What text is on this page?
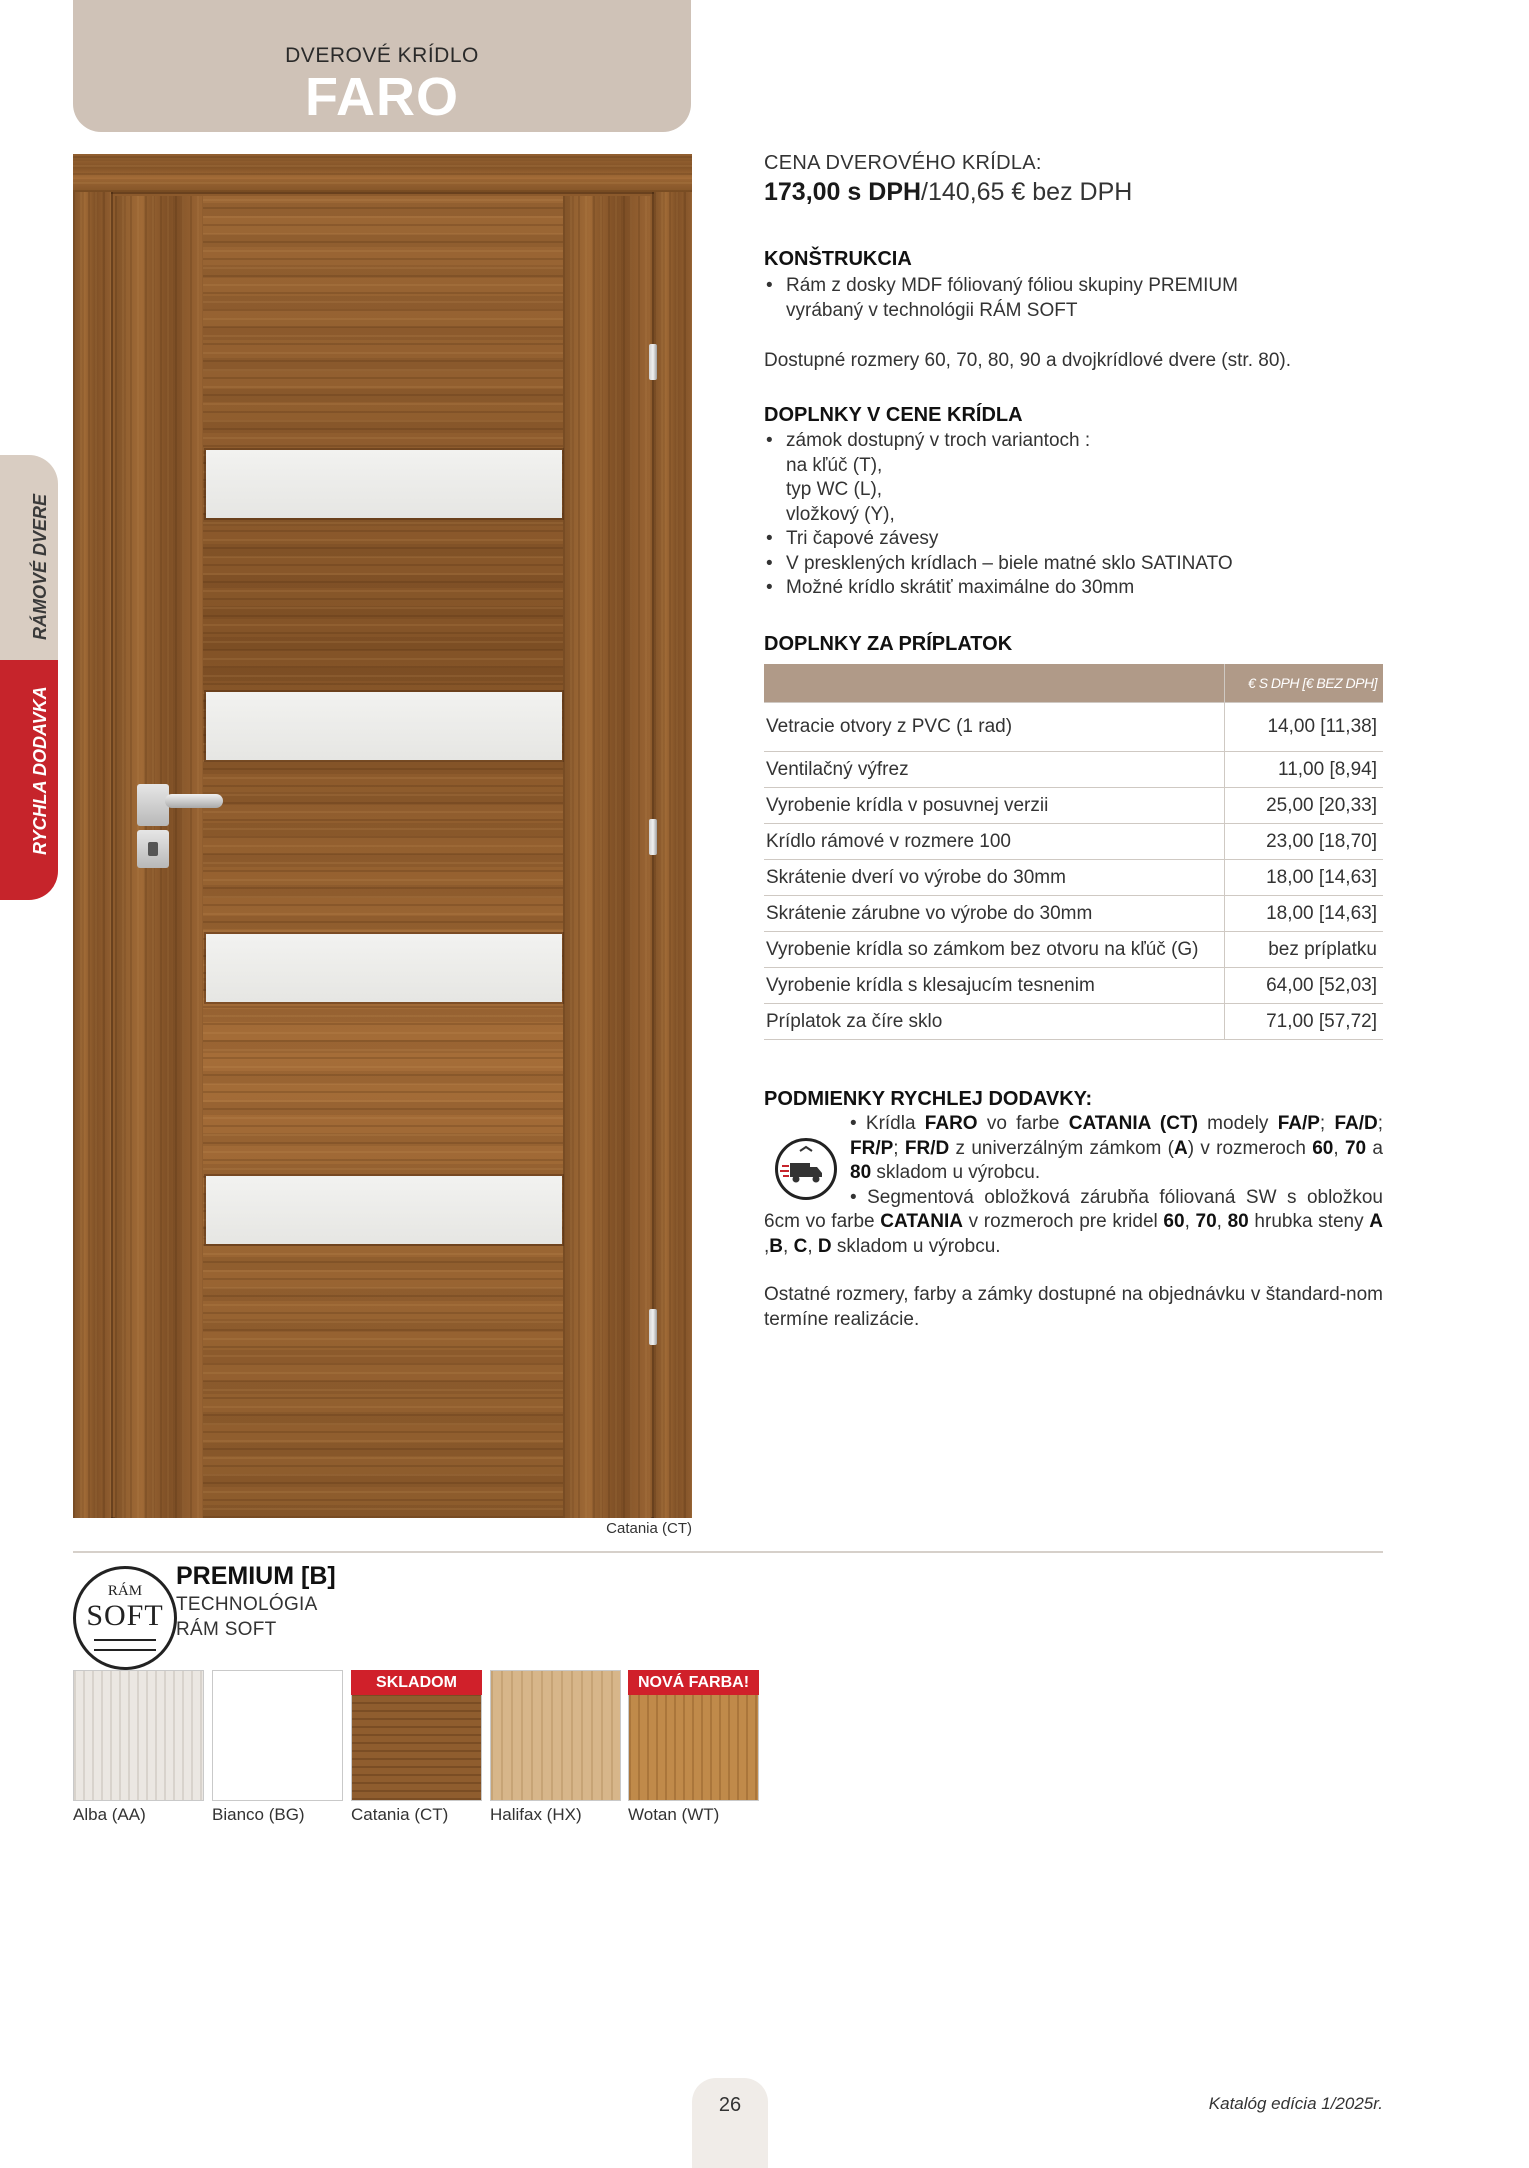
DVEROVÉ KRÍDLO
FARO
RÁMOVÉ DVERE
RYCHLA DODAVKA
Catania (CT)
CENA DVEROVÉHO KRÍDLA:
173,00 s DPH/140,65 € bez DPH
KONŠTRUKCIA
• Rám z dosky MDF fóliovaný fóliou skupiny PREMIUM
vyrábaný v technológii RÁM SOFT
Dostupné rozmery 60, 70, 80, 90 a dvojkrídlové dvere (str. 80).
DOPLNKY V CENE KRÍDLA
• zámok dostupný v troch variantoch :
na kľúč (T),
typ WC (L),
vložkový (Y),
• Tri čapové závesy
• V presklených krídlach – biele matné sklo SATINATO
• Možné krídlo skrátiť maximálne do 30mm
DOPLNKY ZA PRÍPLATOK
	€ S DPH [€ BEZ DPH]
Vetracie otvory z PVC (1 rad)	14,00 [11,38]
Ventilačný výfrez	11,00 [8,94]
Vyrobenie krídla v posuvnej verzii	25,00 [20,33]
Krídlo rámové v rozmere 100	23,00 [18,70]
Skrátenie dverí vo výrobe do 30mm	18,00 [14,63]
Skrátenie zárubne vo výrobe do 30mm	18,00 [14,63]
Vyrobenie krídla so zámkom bez otvoru na kľúč (G)	bez príplatku
Vyrobenie krídla s klesajucím tesnenim	64,00 [52,03]
Príplatok za číre sklo	71,00 [57,72]
PODMIENKY RYCHLEJ DODAVKY:

• Krídla FARO vo farbe CATANIA (CT) modely FA/P; FA/D; FR/P; FR/D z univerzálným zámkom (A) v rozmeroch 60, 70 a 80 skladom u výrobcu.

• Segmentová obložková zárubňa fóliovaná SW s obložkou 6cm vo farbe CATANIA v rozmeroch pre kridel 60, 70, 80 hrubka steny A ,B, C, D skladom u výrobcu.

Ostatné rozmery, farby a zámky dostupné na objednávku v štandard-nom termíne realizácie.
RÁM
SOFT
PREMIUM [B]
TECHNOLÓGIA
RÁM SOFT
Alba (AA)	Bianco (BG)
SKLADOM
Catania (CT) Halifax (HX)
NOVÁ FARBA!
Wotan (WT)
26	Katalóg edícia 1/2025r.
